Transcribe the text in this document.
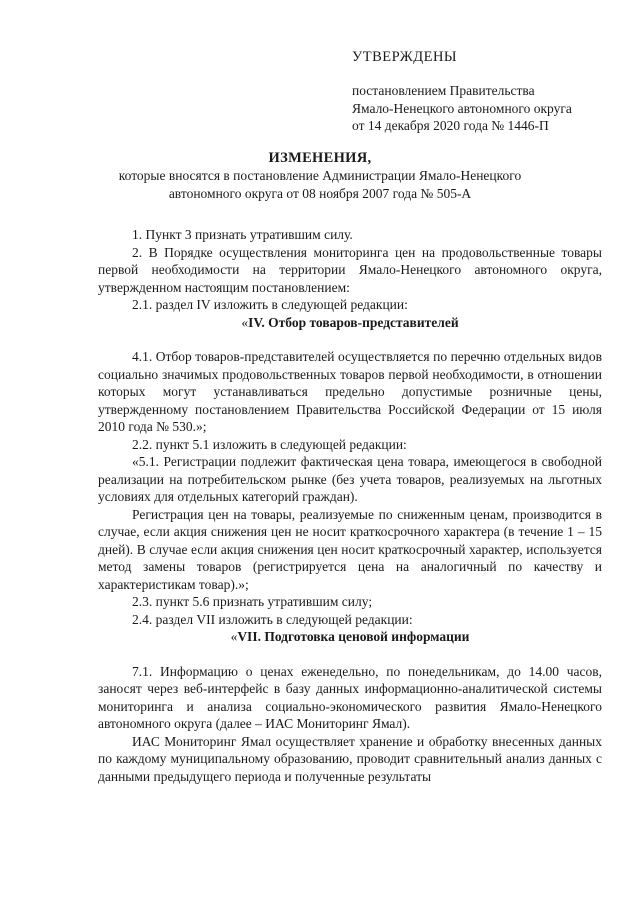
УТВЕРЖДЕНЫ
постановлением Правительства
Ямало-Ненецкого автономного округа
от 14 декабря 2020 года № 1446-П
ИЗМЕНЕНИЯ,
которые вносятся в постановление Администрации Ямало-Ненецкого
автономного округа от 08 ноября 2007 года № 505-А

1. Пункт 3 признать утратившим силу.

2. В Порядке осуществления мониторинга цен на продовольственные товары первой необходимости на территории Ямало-Ненецкого автономного округа, утвержденном настоящим постановлением:

2.1. раздел IV изложить в следующей редакции:

«IV. Отбор товаров-представителей

4.1. Отбор товаров-представителей осуществляется по перечню отдельных видов социально значимых продовольственных товаров первой необходимости, в отношении которых могут устанавливаться предельно допустимые розничные цены, утвержденному постановлением Правительства Российской Федерации от 15 июля 2010 года № 530.»;

2.2. пункт 5.1 изложить в следующей редакции:

«5.1. Регистрации подлежит фактическая цена товара, имеющегося в свободной реализации на потребительском рынке (без учета товаров, реализуемых на льготных условиях для отдельных категорий граждан).

Регистрация цен на товары, реализуемые по сниженным ценам, производится в случае, если акция снижения цен не носит краткосрочного характера (в течение 1 – 15 дней). В случае если акция снижения цен носит краткосрочный характер, используется метод замены товаров (регистрируется цена на аналогичный по качеству и характеристикам товар).»;

2.3. пункт 5.6 признать утратившим силу;

2.4. раздел VII изложить в следующей редакции:

«VII. Подготовка ценовой информации

7.1. Информацию о ценах еженедельно, по понедельникам, до 14.00 часов, заносят через веб-интерфейс в базу данных информационно-аналитической системы мониторинга и анализа социально-экономического развития Ямало-Ненецкого автономного округа (далее – ИАС Мониторинг Ямал).

ИАС Мониторинг Ямал осуществляет хранение и обработку внесенных данных по каждому муниципальному образованию, проводит сравнительный анализ данных с данными предыдущего периода и полученные результаты
